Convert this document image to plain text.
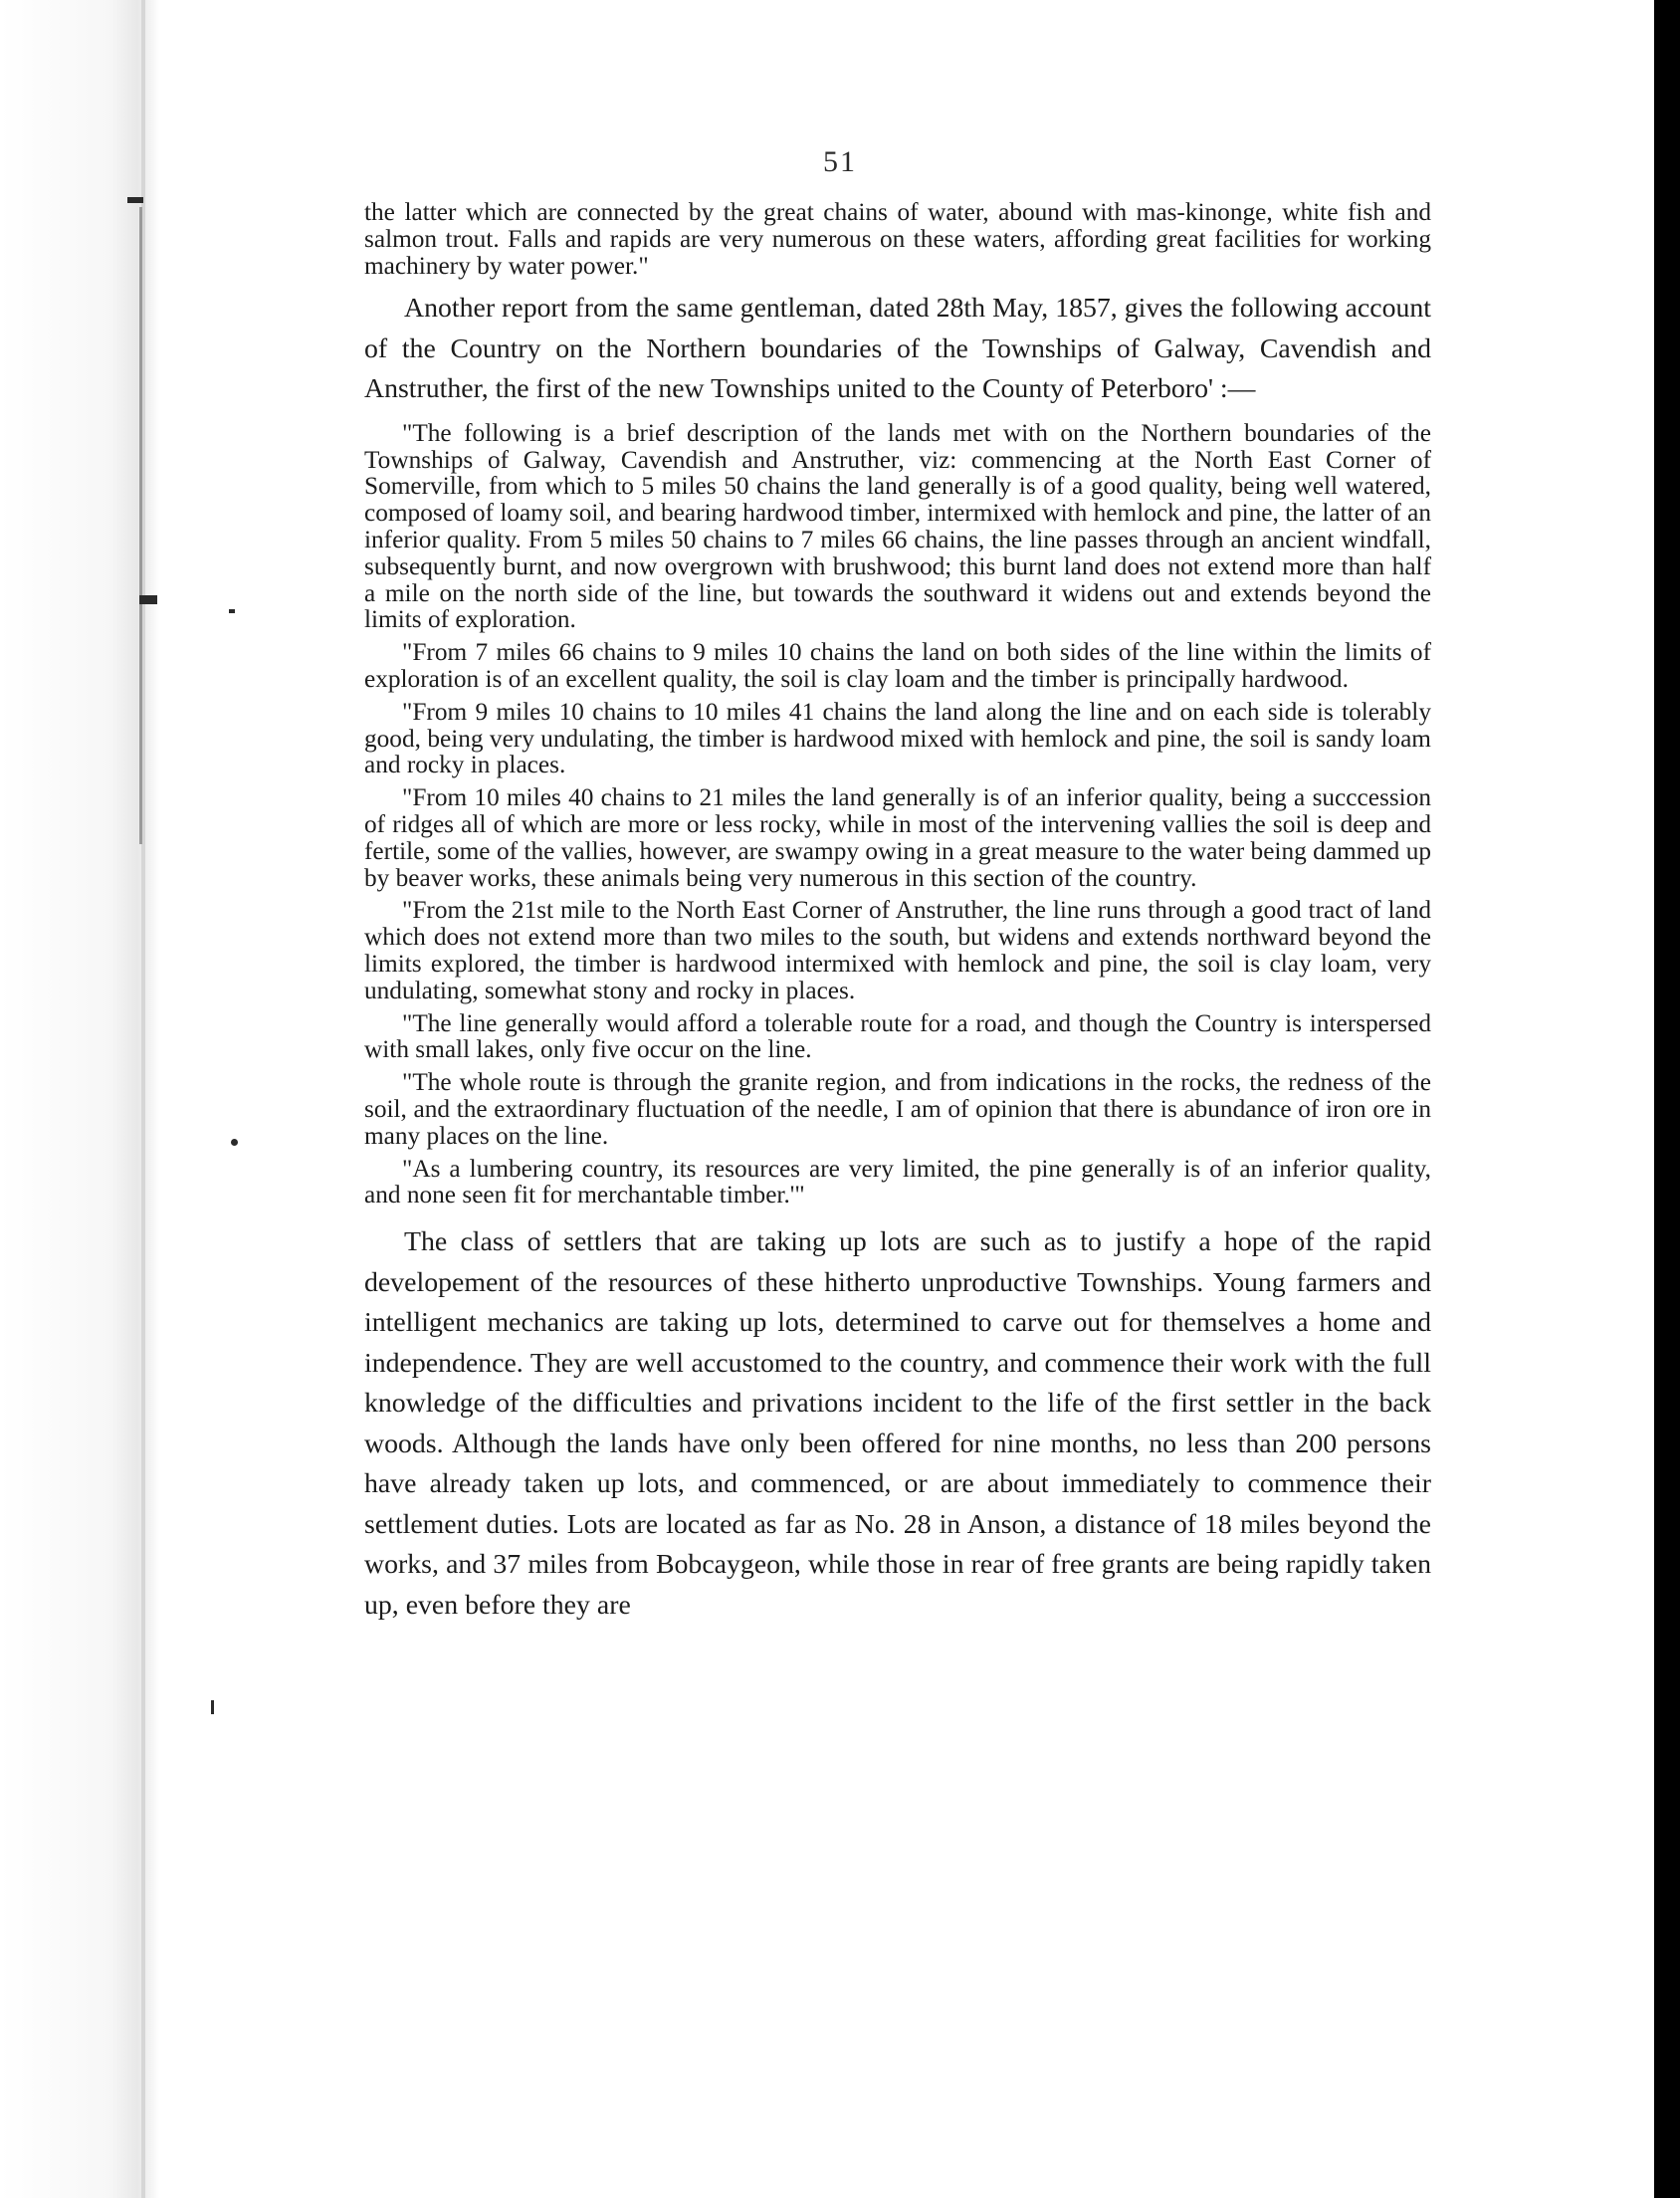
51

the latter which are connected by the great chains of water, abound with mas-kinonge, white fish and salmon trout. Falls and rapids are very numerous on these waters, affording great facilities for working machinery by water power."

Another report from the same gentleman, dated 28th May, 1857, gives the following account of the Country on the Northern boundaries of the Townships of Galway, Cavendish and Anstruther, the first of the new Townships united to the County of Peterboro' :—

"The following is a brief description of the lands met with on the Northern boundaries of the Townships of Galway, Cavendish and Anstruther, viz: commencing at the North East Corner of Somerville, from which to 5 miles 50 chains the land generally is of a good quality, being well watered, composed of loamy soil, and bearing hardwood timber, intermixed with hemlock and pine, the latter of an inferior quality. From 5 miles 50 chains to 7 miles 66 chains, the line passes through an ancient windfall, subsequently burnt, and now overgrown with brushwood; this burnt land does not extend more than half a mile on the north side of the line, but towards the southward it widens out and extends beyond the limits of exploration.

"From 7 miles 66 chains to 9 miles 10 chains the land on both sides of the line within the limits of exploration is of an excellent quality, the soil is clay loam and the timber is principally hardwood.

"From 9 miles 10 chains to 10 miles 41 chains the land along the line and on each side is tolerably good, being very undulating, the timber is hardwood mixed with hemlock and pine, the soil is sandy loam and rocky in places.

"From 10 miles 40 chains to 21 miles the land generally is of an inferior quality, being a succcession of ridges all of which are more or less rocky, while in most of the intervening vallies the soil is deep and fertile, some of the vallies, however, are swampy owing in a great measure to the water being dammed up by beaver works, these animals being very numerous in this section of the country.

"From the 21st mile to the North East Corner of Anstruther, the line runs through a good tract of land which does not extend more than two miles to the south, but widens and extends northward beyond the limits explored, the timber is hardwood intermixed with hemlock and pine, the soil is clay loam, very undulating, somewhat stony and rocky in places.

"The line generally would afford a tolerable route for a road, and though the Country is interspersed with small lakes, only five occur on the line.

"The whole route is through the granite region, and from indications in the rocks, the redness of the soil, and the extraordinary fluctuation of the needle, I am of opinion that there is abundance of iron ore in many places on the line.

"As a lumbering country, its resources are very limited, the pine generally is of an inferior quality, and none seen fit for merchantable timber.'"

The class of settlers that are taking up lots are such as to justify a hope of the rapid developement of the resources of these hitherto unproductive Townships. Young farmers and intelligent mechanics are taking up lots, determined to carve out for themselves a home and independence. They are well accustomed to the country, and commence their work with the full knowledge of the difficulties and privations incident to the life of the first settler in the back woods. Although the lands have only been offered for nine months, no less than 200 persons have already taken up lots, and commenced, or are about immediately to commence their settlement duties. Lots are located as far as No. 28 in Anson, a distance of 18 miles beyond the works, and 37 miles from Bobcaygeon, while those in rear of free grants are being rapidly taken up, even before they are
